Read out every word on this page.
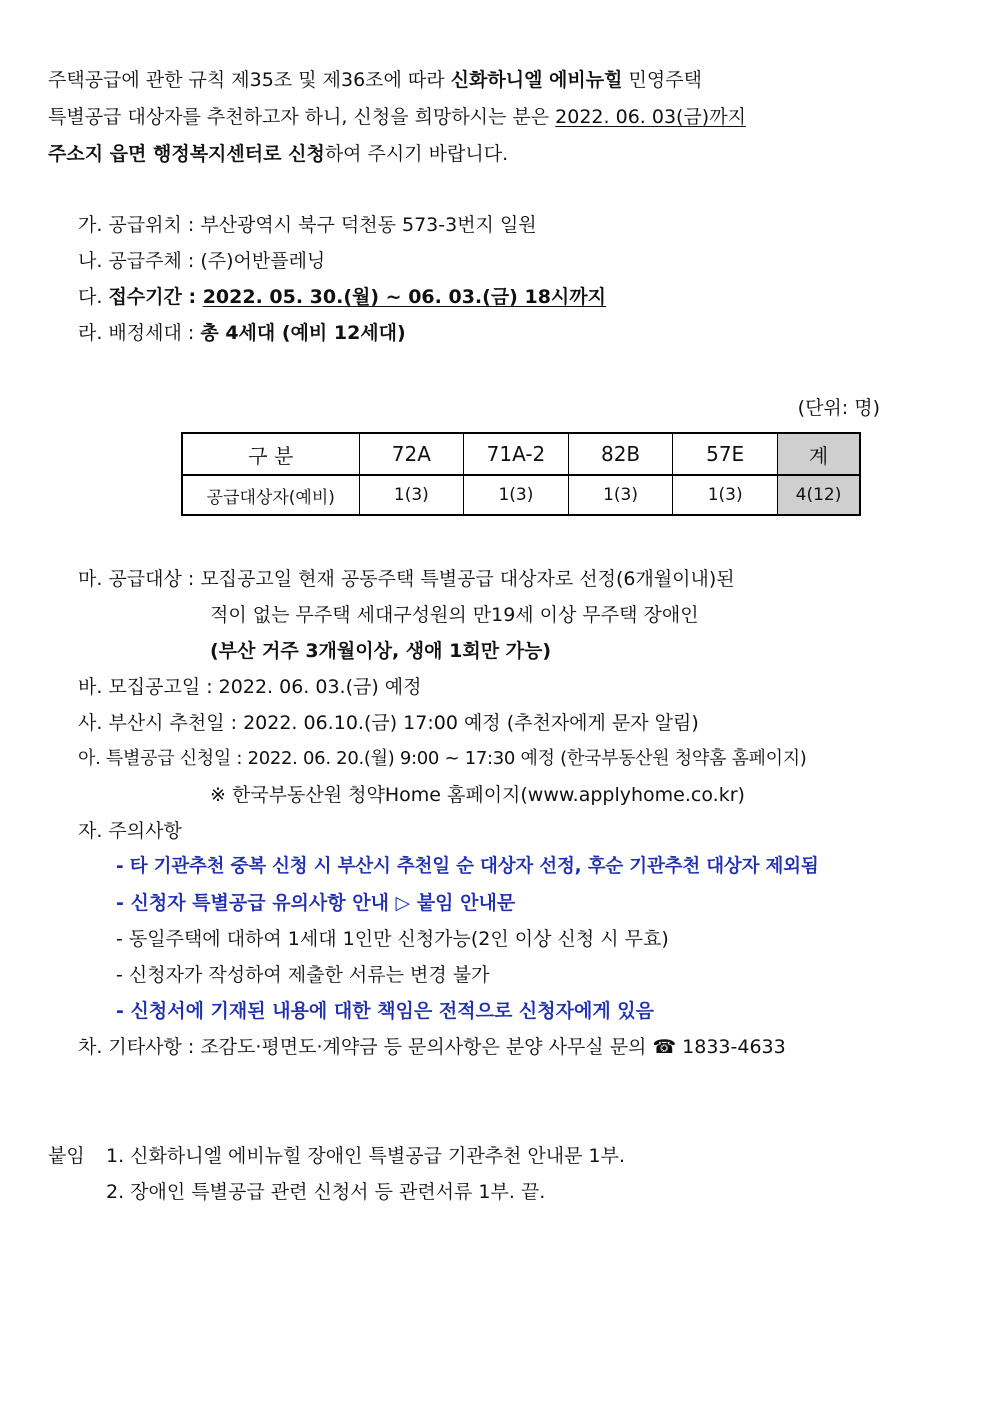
주택공급에 관한 규칙 제35조 및 제36조에 따라 신화하니엘 에비뉴힐 민영주택
특별공급 대상자를 추천하고자 하니, 신청을 희망하시는 분은 2022. 06. 03(금)까지
주소지 읍면 행정복지센터로 신청하여 주시기 바랍니다.
가. 공급위치 : 부산광역시 북구 덕천동 573-3번지 일원
나. 공급주체 : (주)어반플레닝
다. 접수기간 : 2022. 05. 30.(월) ~ 06. 03.(금) 18시까지
라. 배정세대 : 총 4세대 (예비 12세대)
(단위: 명)
구 분	72A	71A-2	82B	57E	계
공급대상자(예비)	1(3)	1(3)	1(3)	1(3)	4(12)
마. 공급대상 : 모집공고일 현재 공동주택 특별공급 대상자로 선정(6개월이내)된
적이 없는 무주택 세대구성원의 만19세 이상 무주택 장애인
(부산 거주 3개월이상, 생애 1회만 가능)
바. 모집공고일 : 2022. 06. 03.(금) 예정
사. 부산시 추천일 : 2022. 06.10.(금) 17:00 예정 (추천자에게 문자 알림)
아. 특별공급 신청일 : 2022. 06. 20.(월) 9:00 ~ 17:30 예정 (한국부동산원 청약홈 홈페이지)
※ 한국부동산원 청약Home 홈페이지(www.applyhome.co.kr)
자. 주의사항
- 타 기관추천 중복 신청 시 부산시 추천일 순 대상자 선정, 후순 기관추천 대상자 제외됨
- 신청자 특별공급 유의사항 안내 ▷ 붙임 안내문
- 동일주택에 대하여 1세대 1인만 신청가능(2인 이상 신청 시 무효)
- 신청자가 작성하여 제출한 서류는 변경 불가
- 신청서에 기재된 내용에 대한 책임은 전적으로 신청자에게 있음
차. 기타사항 : 조감도·평면도·계약금 등 문의사항은 분양 사무실 문의 ☎ 1833-4633
붙임 1. 신화하니엘 에비뉴힐 장애인 특별공급 기관추천 안내문 1부.
2. 장애인 특별공급 관련 신청서 등 관련서류 1부. 끝.
